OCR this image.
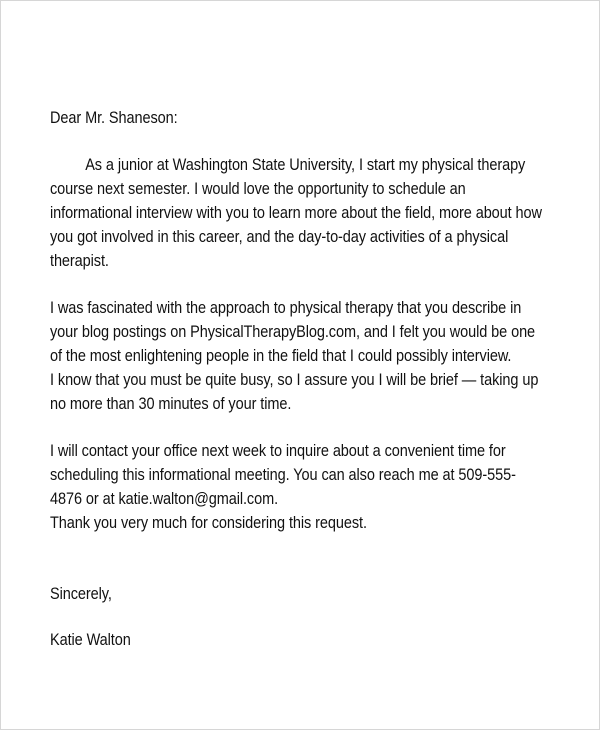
Dear Mr. Shaneson:
As a junior at Washington State University, I start my physical therapy
course next semester. I would love the opportunity to schedule an
informational interview with you to learn more about the field, more about how
you got involved in this career, and the day-to-day activities of a physical
therapist.
I was fascinated with the approach to physical therapy that you describe in
your blog postings on PhysicalTherapyBlog.com, and I felt you would be one
of the most enlightening people in the field that I could possibly interview.
I know that you must be quite busy, so I assure you I will be brief — taking up
no more than 30 minutes of your time.
I will contact your office next week to inquire about a convenient time for
scheduling this informational meeting. You can also reach me at 509-555-
4876 or at katie.walton@gmail.com.
Thank you very much for considering this request.
Sincerely,
Katie Walton
